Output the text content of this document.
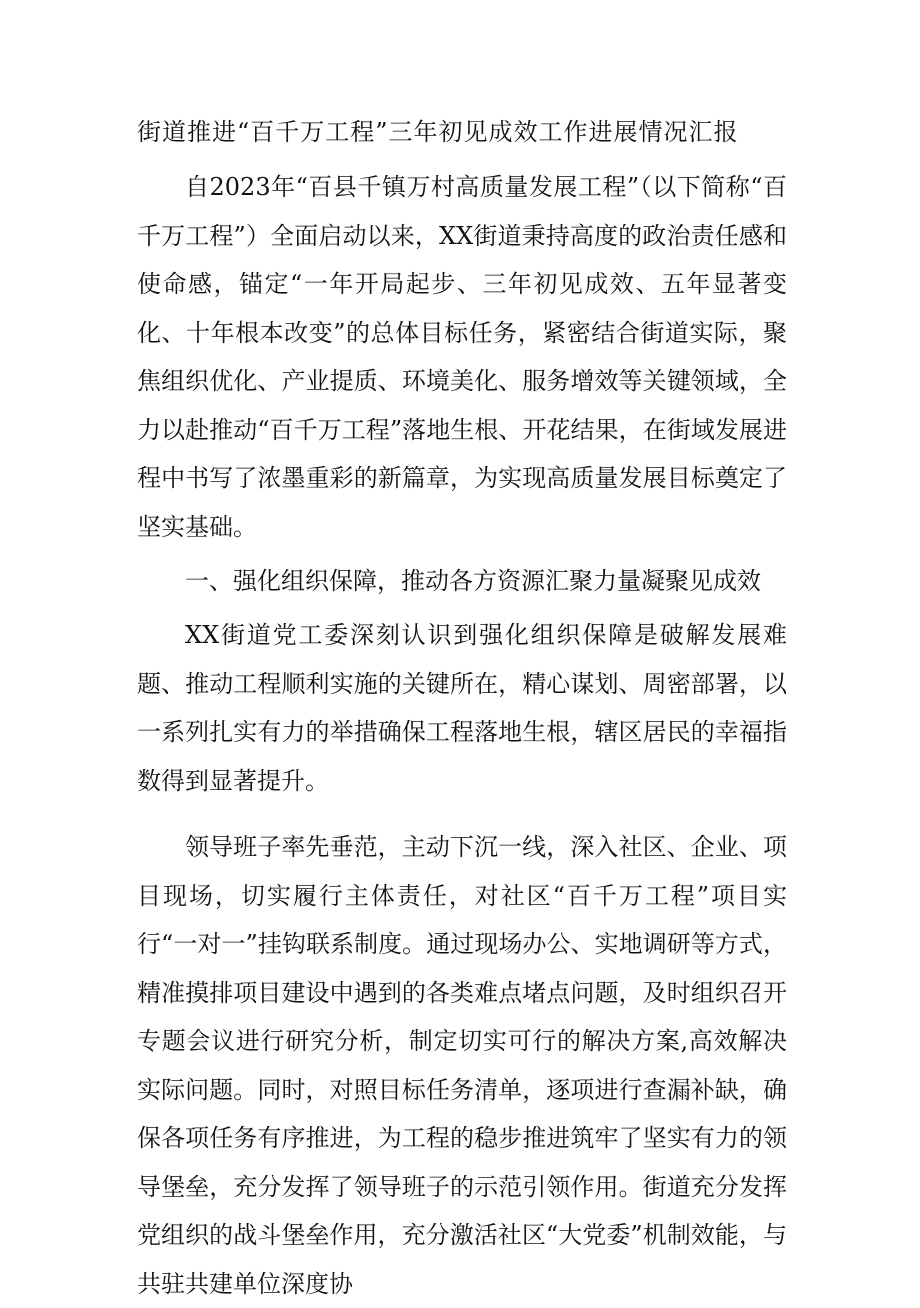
街道推进“百千万工程”三年初见成效工作进展情况汇报

自2023年“百县千镇万村高质量发展工程”（以下简称“百千万工程”）全面启动以来，XX街道秉持高度的政治责任感和使命感，锚定“一年开局起步、三年初见成效、五年显著变化、十年根本改变”的总体目标任务，紧密结合街道实际，聚焦组织优化、产业提质、环境美化、服务增效等关键领域，全力以赴推动“百千万工程”落地生根、开花结果，在街域发展进程中书写了浓墨重彩的新篇章，为实现高质量发展目标奠定了坚实基础。

一、强化组织保障，推动各方资源汇聚力量凝聚见成效

XX街道党工委深刻认识到强化组织保障是破解发展难题、推动工程顺利实施的关键所在，精心谋划、周密部署，以一系列扎实有力的举措确保工程落地生根，辖区居民的幸福指数得到显著提升。

领导班子率先垂范，主动下沉一线，深入社区、企业、项目现场，切实履行主体责任，对社区“百千万工程”项目实行“一对一”挂钩联系制度。通过现场办公、实地调研等方式，精准摸排项目建设中遇到的各类难点堵点问题，及时组织召开专题会议进行研究分析，制定切实可行的解决方案,高效解决实际问题。同时，对照目标任务清单，逐项进行查漏补缺，确保各项任务有序推进，为工程的稳步推进筑牢了坚实有力的领导堡垒，充分发挥了领导班子的示范引领作用。街道充分发挥党组织的战斗堡垒作用，充分激活社区“大党委”机制效能，与共驻共建单位深度协
